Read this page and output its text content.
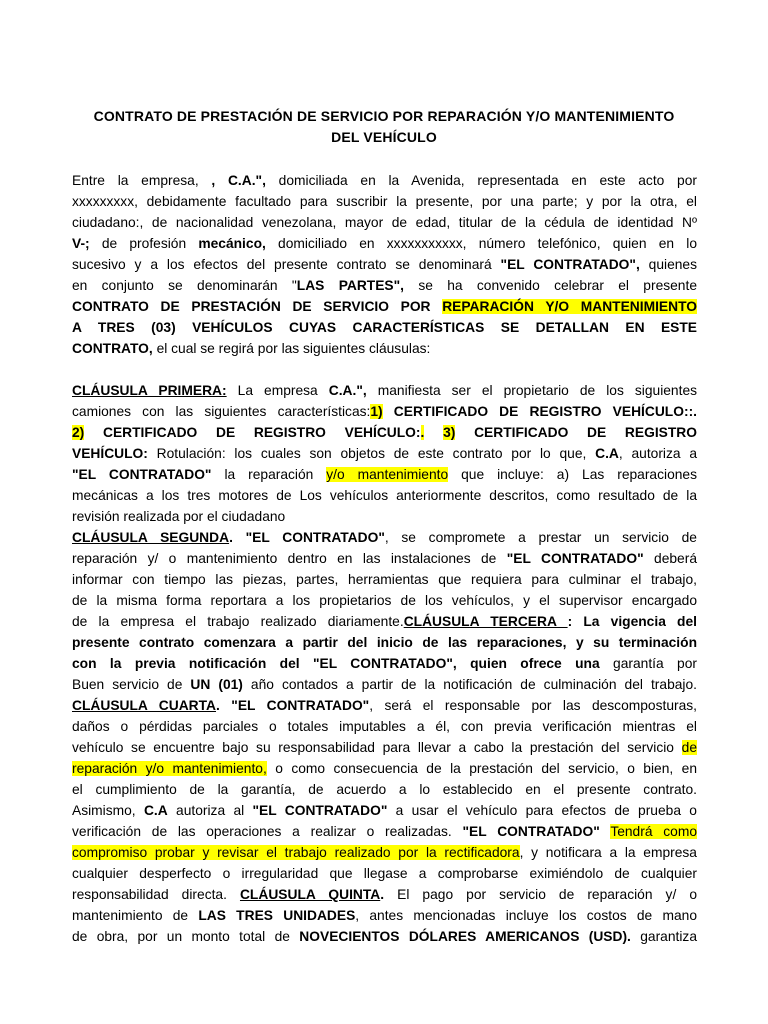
CONTRATO DE PRESTACIÓN DE SERVICIO POR REPARACIÓN Y/O MANTENIMIENTO
DEL VEHÍCULO
Entre la empresa, , C.A.", domiciliada en la Avenida, representada en este acto por
xxxxxxxxx, debidamente facultado para suscribir la presente, por una parte; y por la otra, el
ciudadano:, de nacionalidad venezolana, mayor de edad, titular de la cédula de identidad Nº
V-; de profesión mecánico, domiciliado en xxxxxxxxxxx, número telefónico, quien en lo
sucesivo y a los efectos del presente contrato se denominará "EL CONTRATADO", quienes
en conjunto se denominarán "LAS PARTES", se ha convenido celebrar el presente
CONTRATO DE PRESTACIÓN DE SERVICIO POR REPARACIÓN Y/O MANTENIMIENTO
A TRES (03) VEHÍCULOS CUYAS CARACTERÍSTICAS SE DETALLAN EN ESTE
CONTRATO, el cual se regirá por las siguientes cláusulas:
CLÁUSULA PRIMERA: La empresa C.A.", manifiesta ser el propietario de los siguientes
camiones con las siguientes características:1) CERTIFICADO DE REGISTRO VEHÍCULO::.
2) CERTIFICADO DE REGISTRO VEHÍCULO:. 3) CERTIFICADO DE REGISTRO
VEHÍCULO: Rotulación: los cuales son objetos de este contrato por lo que, C.A, autoriza a
"EL CONTRATADO" la reparación y/o mantenimiento que incluye: a) Las reparaciones
mecánicas a los tres motores de Los vehículos anteriormente descritos, como resultado de la
revisión realizada por el ciudadano
CLÁUSULA SEGUNDA. "EL CONTRATADO", se compromete a prestar un servicio de
reparación y/ o mantenimiento dentro en las instalaciones de "EL CONTRATADO" deberá
informar con tiempo las piezas, partes, herramientas que requiera para culminar el trabajo,
de la misma forma reportara a los propietarios de los vehículos, y el supervisor encargado
de la empresa el trabajo realizado diariamente.CLÁUSULA TERCERA : La vigencia del
presente contrato comenzara a partir del inicio de las reparaciones, y su terminación
con la previa notificación del "EL CONTRATADO", quien ofrece una garantía por
Buen servicio de UN (01) año contados a partir de la notificación de culminación del trabajo.
CLÁUSULA CUARTA. "EL CONTRATADO", será el responsable por las descomposturas,
daños o pérdidas parciales o totales imputables a él, con previa verificación mientras el
vehículo se encuentre bajo su responsabilidad para llevar a cabo la prestación del servicio de
reparación y/o mantenimiento, o como consecuencia de la prestación del servicio, o bien, en
el cumplimiento de la garantía, de acuerdo a lo establecido en el presente contrato.
Asimismo, C.A autoriza al "EL CONTRATADO" a usar el vehículo para efectos de prueba o
verificación de las operaciones a realizar o realizadas. "EL CONTRATADO" Tendrá como
compromiso probar y revisar el trabajo realizado por la rectificadora, y notificara a la empresa
cualquier desperfecto o irregularidad que llegase a comprobarse eximiéndolo de cualquier
responsabilidad directa. CLÁUSULA QUINTA. El pago por servicio de reparación y/ o
mantenimiento de LAS TRES UNIDADES, antes mencionadas incluye los costos de mano
de obra, por un monto total de NOVECIENTOS DÓLARES AMERICANOS (USD). garantiza
